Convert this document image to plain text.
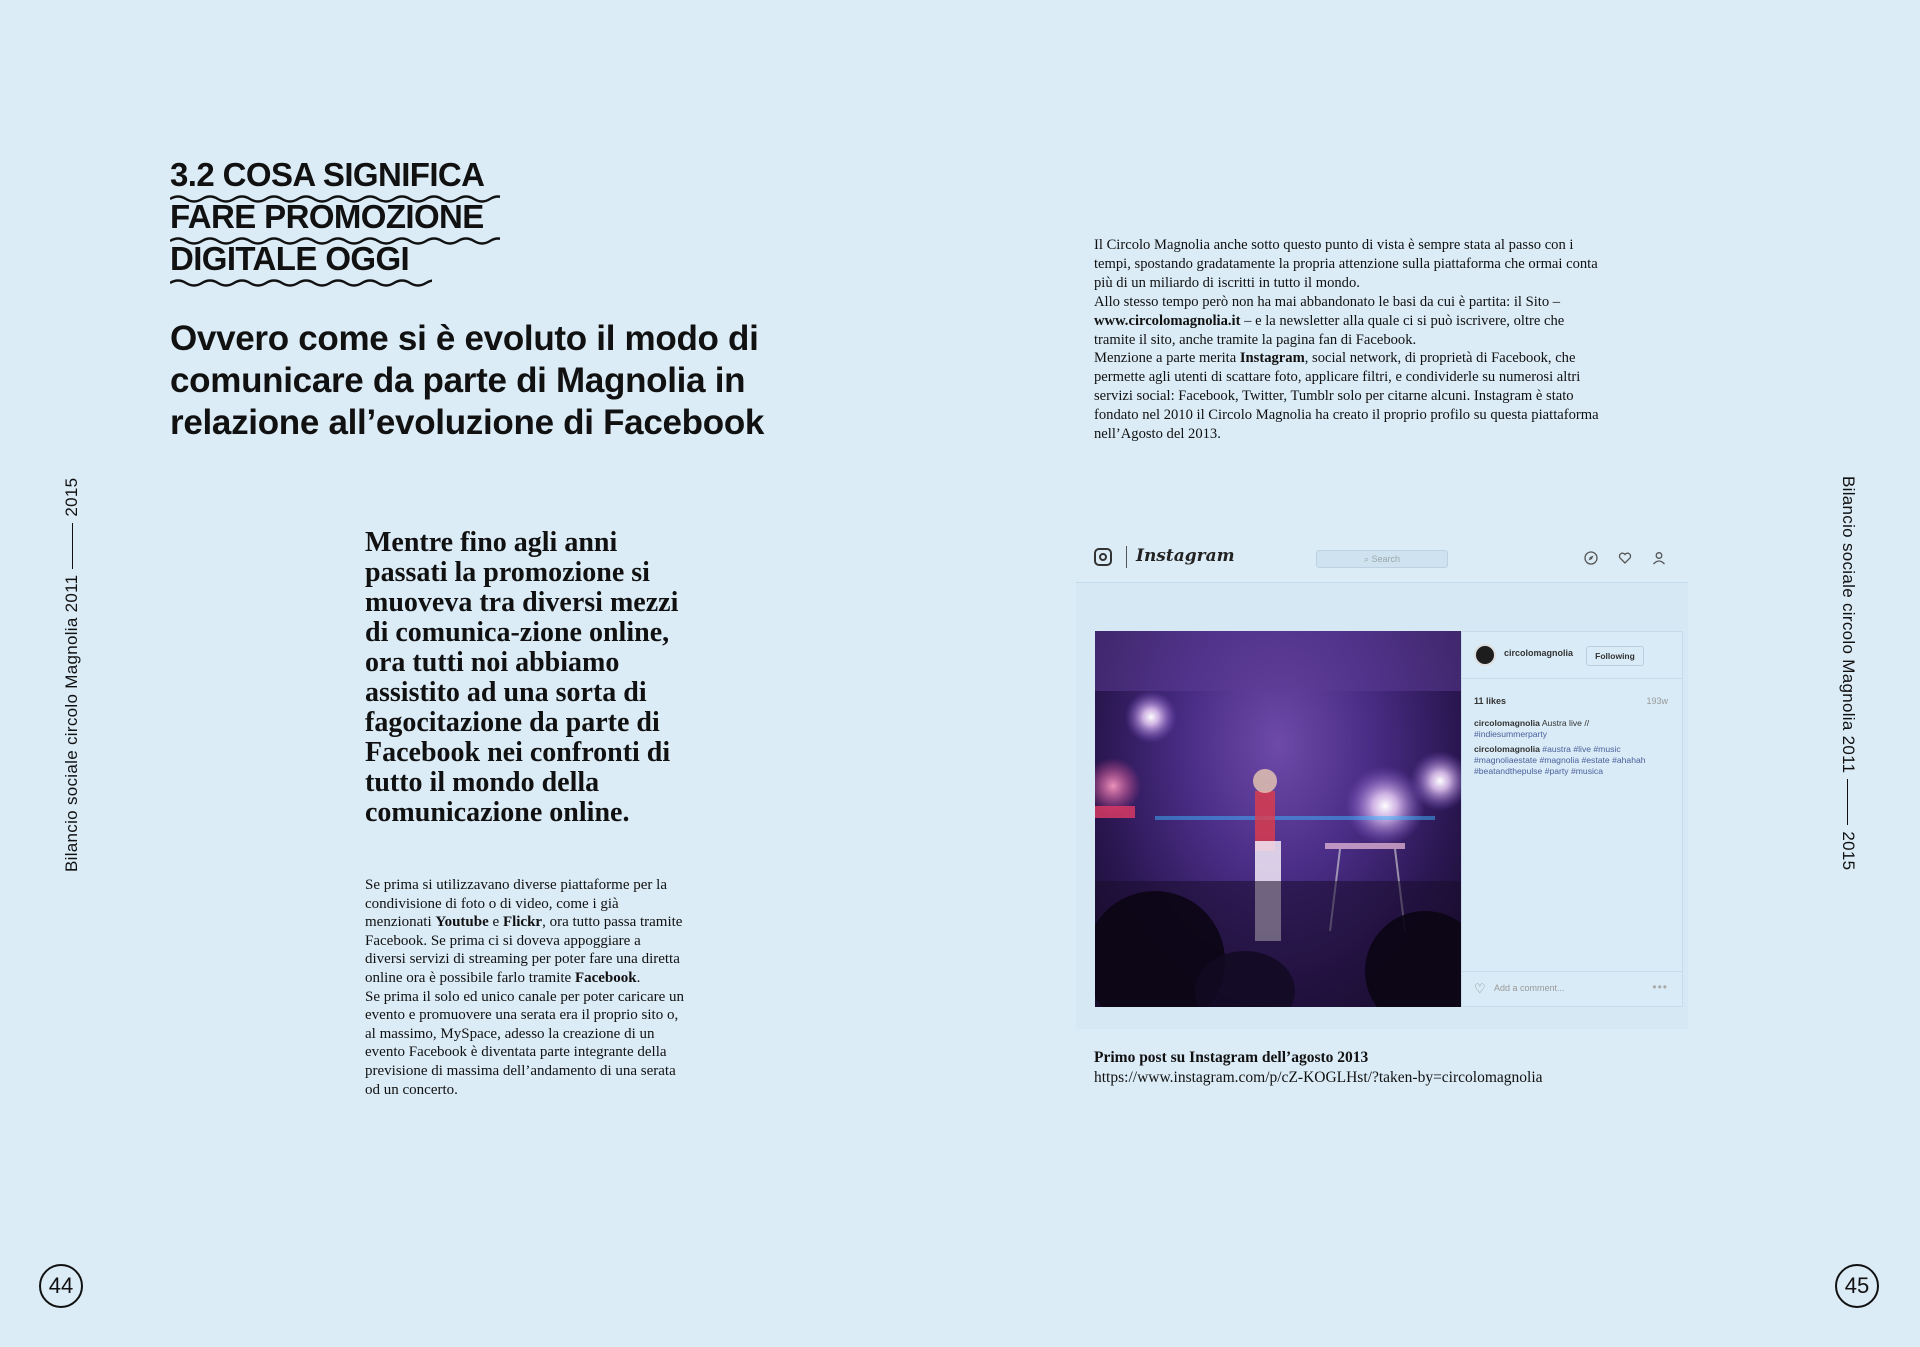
Bilancio sociale circolo Magnolia 20112015	Bilancio sociale circolo Magnolia 20112015
44	45
3.2 COSA SIGNIFICA
FARE PROMOZIONE
DIGITALE OGGI
Ovvero come si è evoluto il modo di comunicare da parte di Magnolia in relazione all’evoluzione di Facebook
Il Circolo Magnolia anche sotto questo punto di vista è sempre stata al passo con i tempi, spostando gradatamente la propria attenzione sulla piattaforma che ormai conta più di un miliardo di iscritti in tutto il mondo.
Allo stesso tempo però non ha mai abbandonato le basi da cui è partita: il Sito – www.circolomagnolia.it – e la newsletter alla quale ci si può iscrivere, oltre che tramite il sito, anche tramite la pagina fan di Facebook.
Menzione a parte merita Instagram, social network, di proprietà di Facebook, che permette agli utenti di scattare foto, applicare filtri, e condividerle su numerosi altri servizi social: Facebook, Twitter, Tumblr solo per citarne alcuni. Instagram è stato fondato nel 2010 il Circolo Magnolia ha creato il proprio profilo su questa piattaforma nell’Agosto del 2013.
Mentre fino agli anni passati la promozione si muoveva tra diversi mezzi di comunica-zione online, ora tutti noi abbiamo assistito ad una sorta di fagocitazione da parte di Facebook nei confronti di tutto il mondo della comunicazione online.
Se prima si utilizzavano diverse piattaforme per la condivisione di foto o di video, come i già menzionati Youtube e Flickr, ora tutto passa tramite Facebook. Se prima ci si doveva appoggiare a diversi servizi di streaming per poter fare una diretta online ora è possibile farlo tramite Facebook.
Se prima il solo ed unico canale per poter caricare un evento e promuovere una serata era il proprio sito o, al massimo, MySpace, adesso la creazione di un evento Facebook è diventata parte integrante della previsione di massima dell’andamento di una serata od un concerto.
Instagram	⌕ Search
circolomagnolia	Following
11 likes	193w
circolomagnolia Austra live //
#indiesummerparty
circolomagnolia #austra #live #music #magnoliaestate #magnolia #estate #ahahah #beatandthepulse #party #musica
♡ Add a comment...	•••
Primo post su Instagram dell’agosto 2013
https://www.instagram.com/p/cZ-KOGLHst/?taken-by=circolomagnolia
